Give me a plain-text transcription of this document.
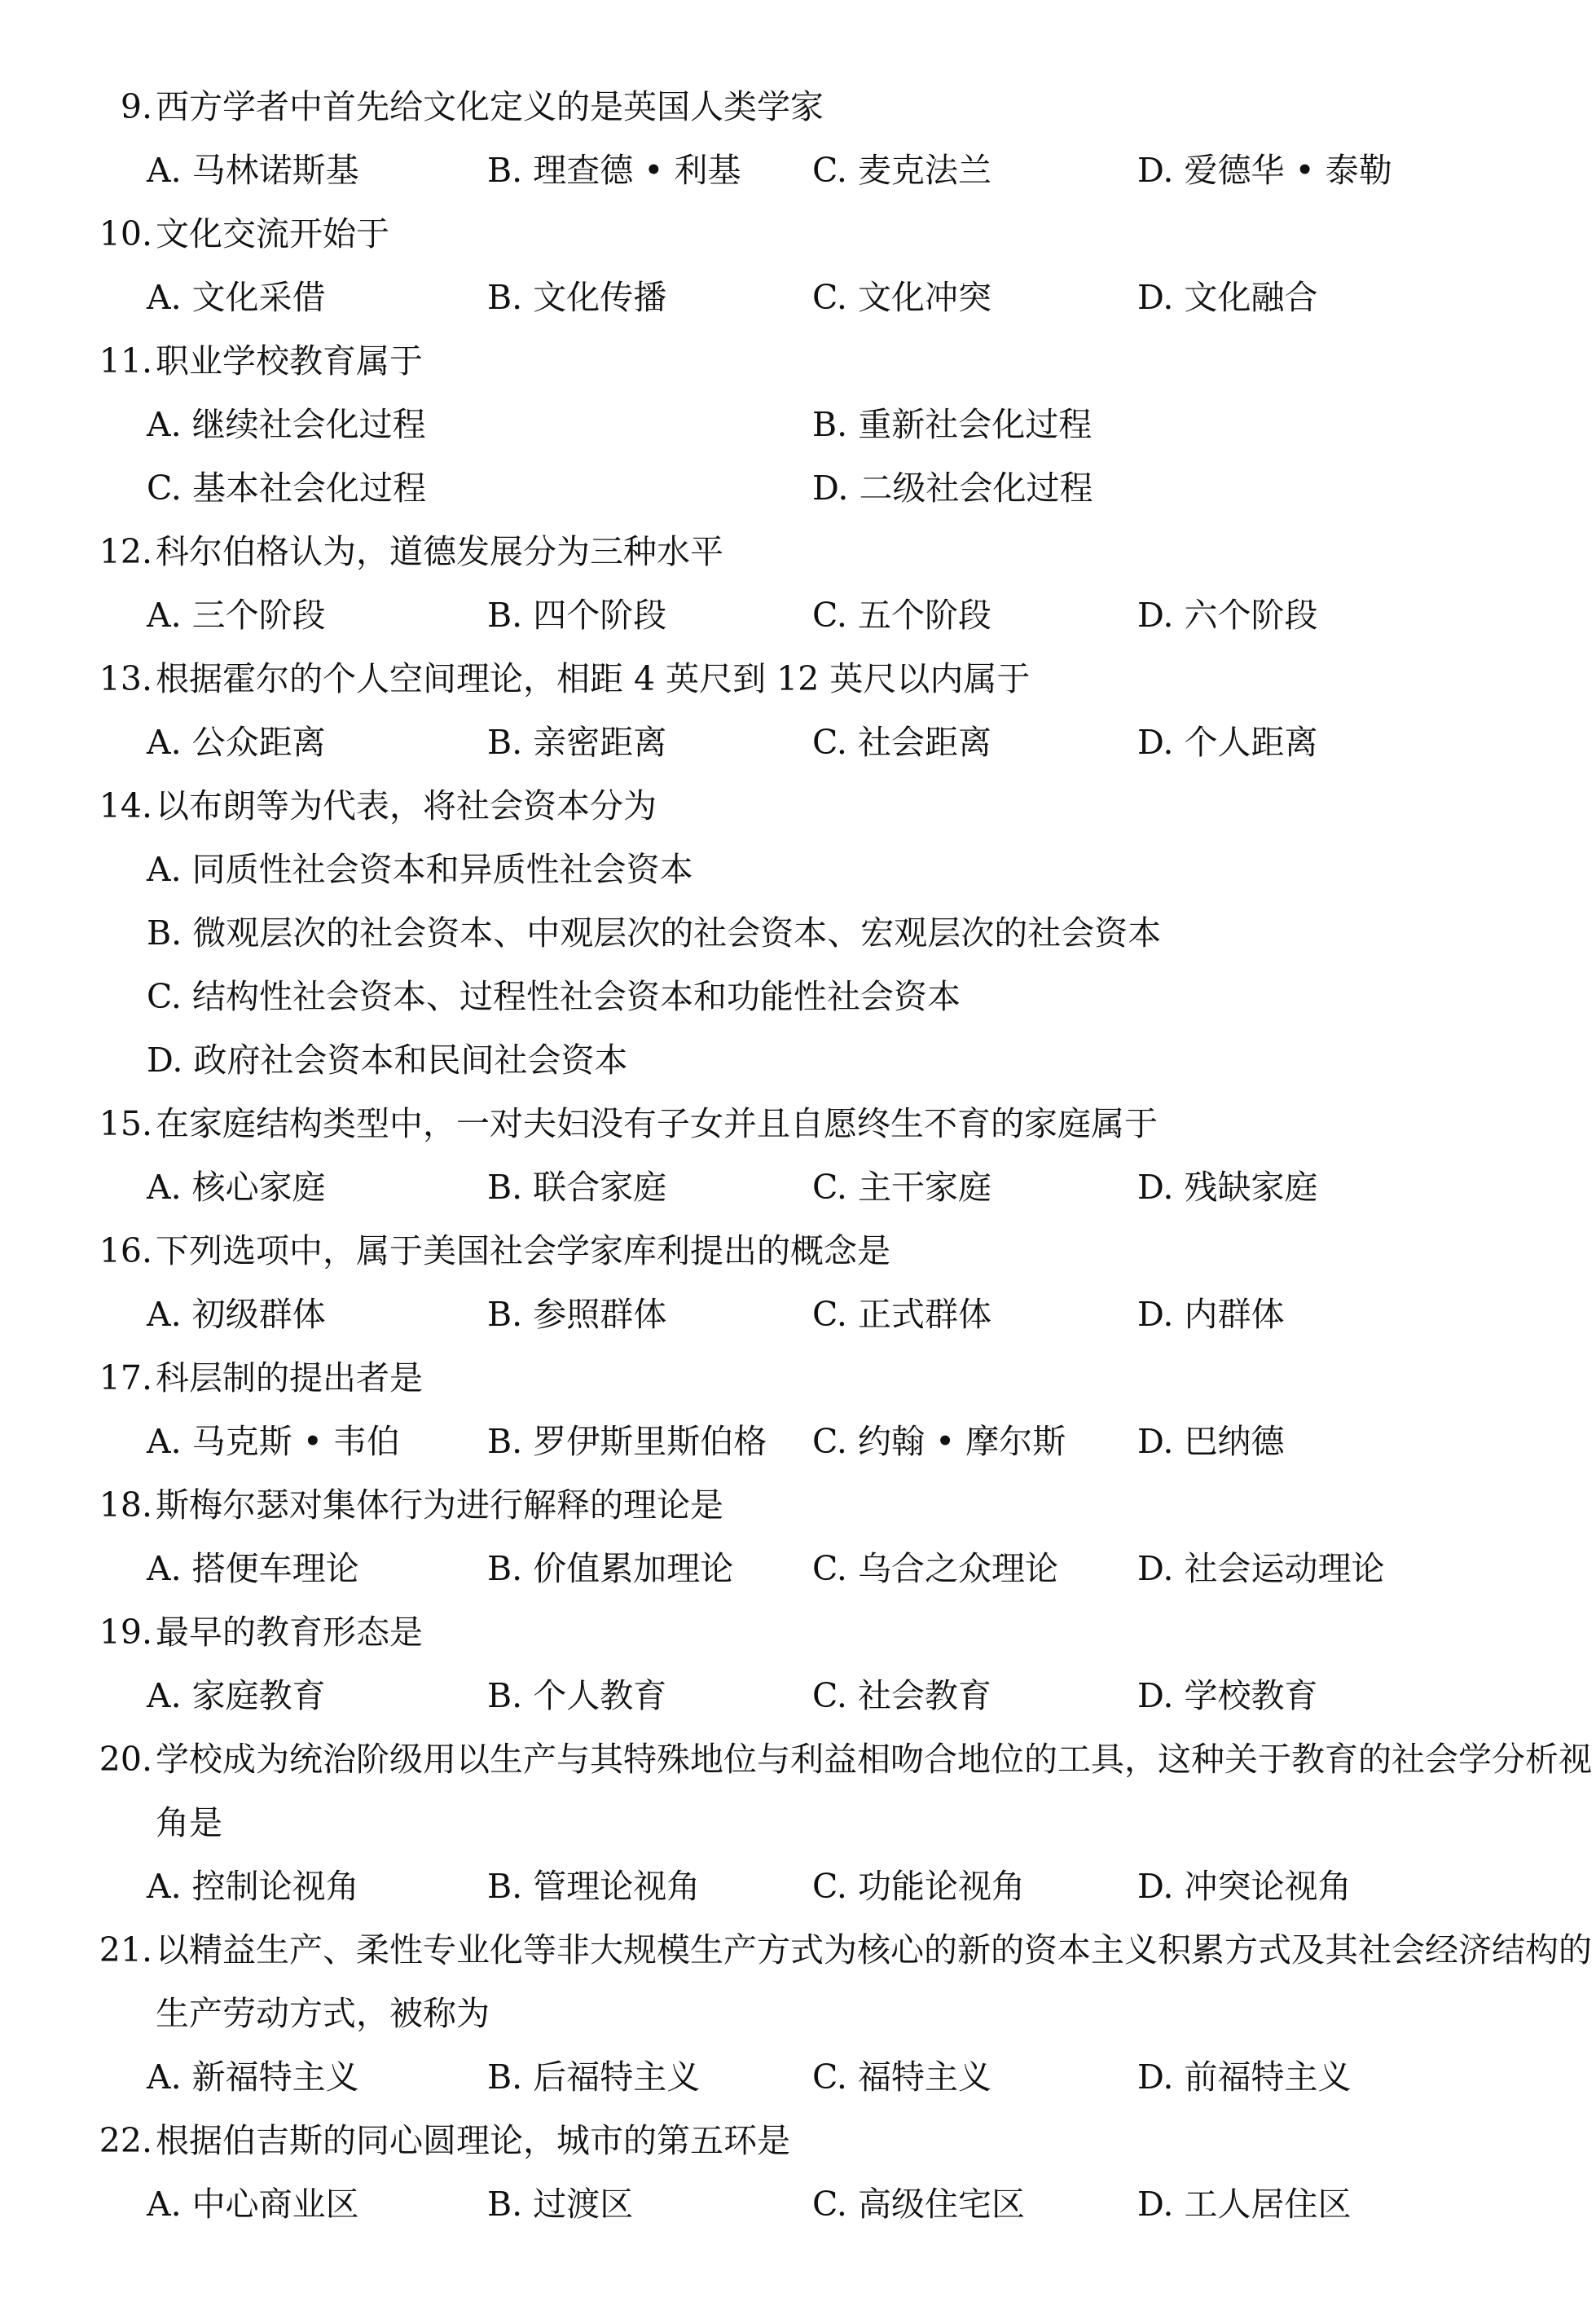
9.西方学者中首先给文化定义的是英国人类学家
A. 马林诺斯基	B. 理查德 • 利基 C. 麦克法兰	D. 爱德华 • 泰勒
10.文化交流开始于
A. 文化采借	B. 文化传播	C. 文化冲突	D. 文化融合
11.职业学校教育属于
A. 继续社会化过程	B. 重新社会化过程
C. 基本社会化过程	D. 二级社会化过程
12.科尔伯格认为，道德发展分为三种水平
A. 三个阶段	B. 四个阶段	C. 五个阶段	D. 六个阶段
13.根据霍尔的个人空间理论，相距 4 英尺到 12 英尺以内属于
A. 公众距离	B. 亲密距离	C. 社会距离	D. 个人距离
14.以布朗等为代表，将社会资本分为
A. 同质性社会资本和异质性社会资本
B. 微观层次的社会资本、中观层次的社会资本、宏观层次的社会资本
C. 结构性社会资本、过程性社会资本和功能性社会资本
D. 政府社会资本和民间社会资本
15.在家庭结构类型中，一对夫妇没有子女并且自愿终生不育的家庭属于
A. 核心家庭	B. 联合家庭	C. 主干家庭	D. 残缺家庭
16.下列选项中，属于美国社会学家库利提出的概念是
A. 初级群体	B. 参照群体	C. 正式群体	D. 内群体
17.科层制的提出者是
A. 马克斯 • 韦伯	B. 罗伊斯里斯伯格 C. 约翰 • 摩尔斯 D. 巴纳德
18.斯梅尔瑟对集体行为进行解释的理论是
A. 搭便车理论	B. 价值累加理论 C. 乌合之众理论 D. 社会运动理论
19.最早的教育形态是
A. 家庭教育	B. 个人教育	C. 社会教育	D. 学校教育
20.学校成为统治阶级用以生产与其特殊地位与利益相吻合地位的工具，这种关于教育的社会学分析视角是
A. 控制论视角	B. 管理论视角	C. 功能论视角	D. 冲突论视角
21.以精益生产、柔性专业化等非大规模生产方式为核心的新的资本主义积累方式及其社会经济结构的生产劳动方式，被称为
A. 新福特主义	B. 后福特主义	C. 福特主义	D. 前福特主义
22.根据伯吉斯的同心圆理论，城市的第五环是
A. 中心商业区	B. 过渡区	C. 高级住宅区	D. 工人居住区
